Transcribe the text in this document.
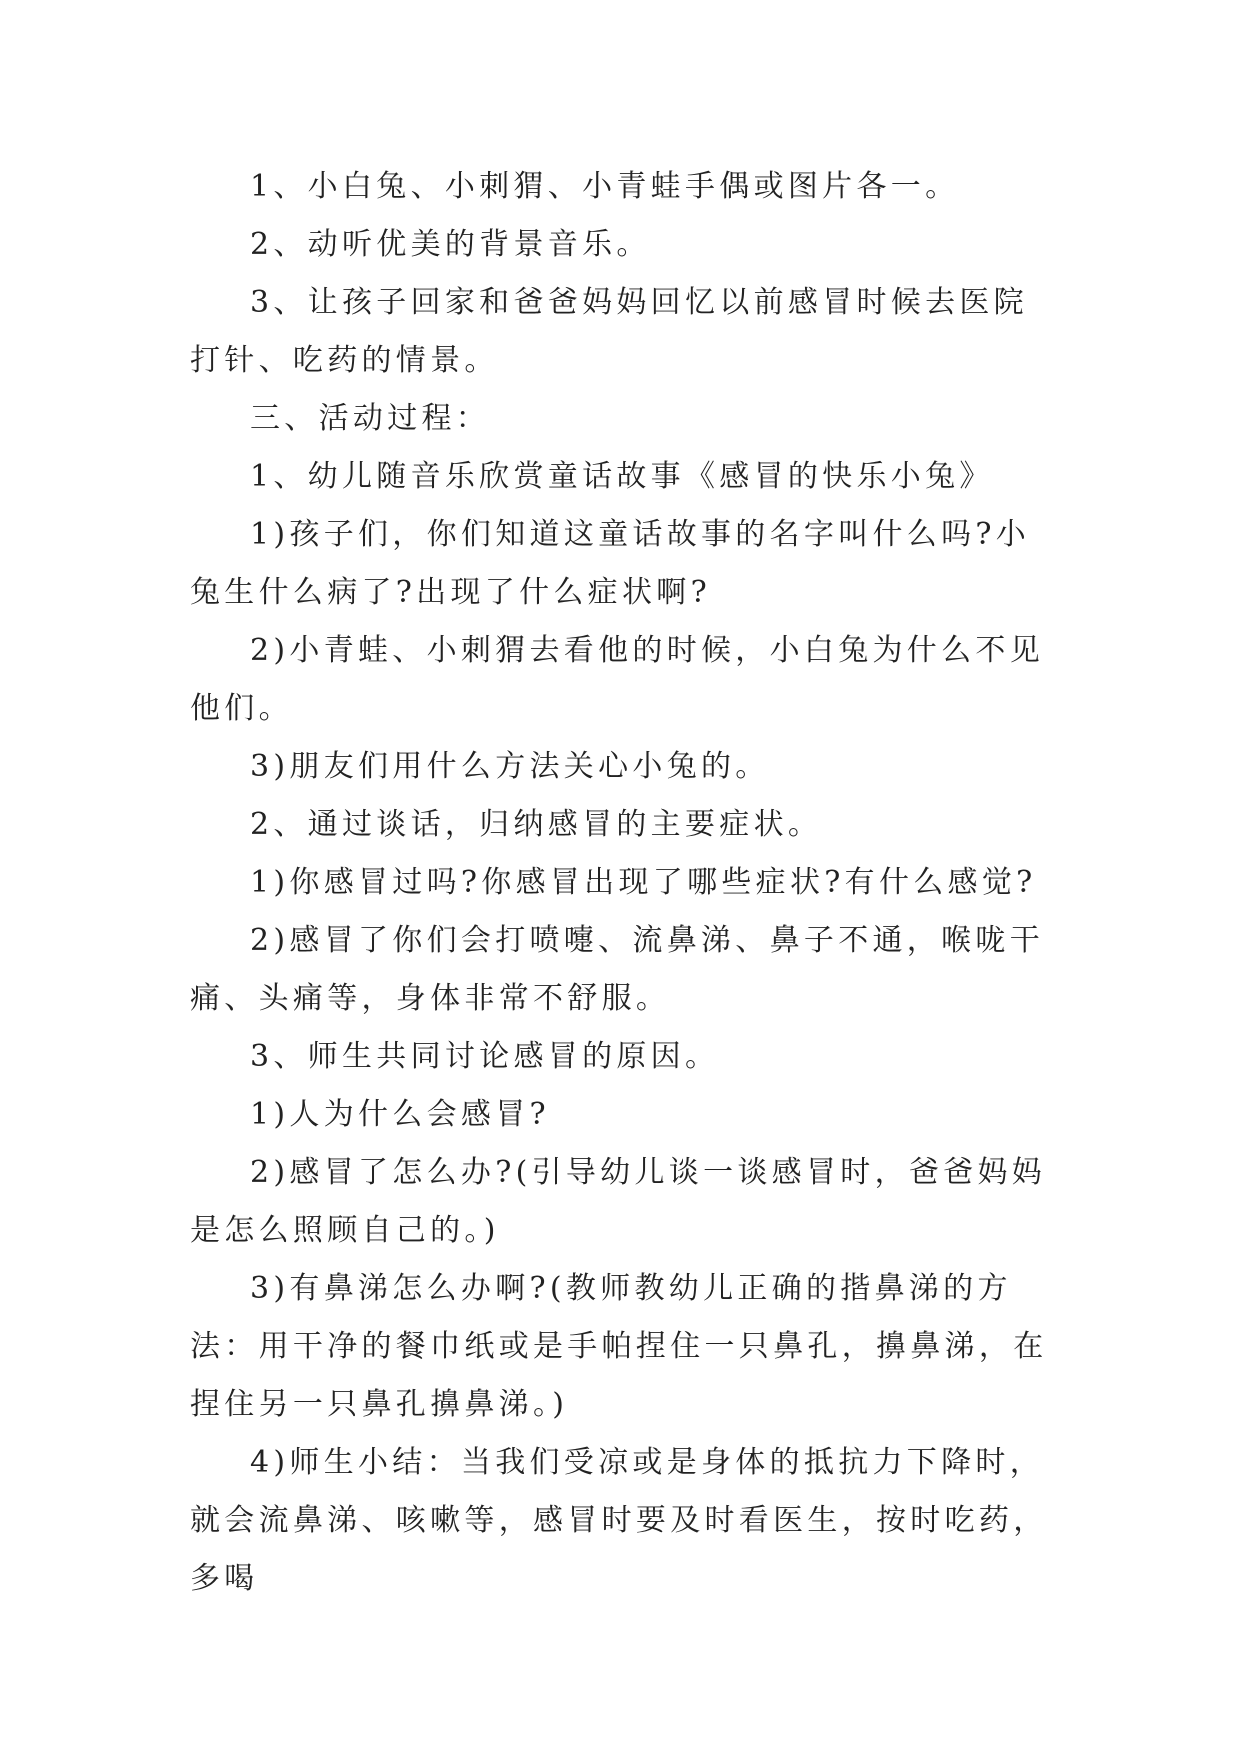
1、小白兔、小刺猬、小青蛙手偶或图片各一。

2、动听优美的背景音乐。

3、让孩子回家和爸爸妈妈回忆以前感冒时候去医院打针、吃药的情景。

三、活动过程：

1、幼儿随音乐欣赏童话故事《感冒的快乐小兔》

1)孩子们，你们知道这童话故事的名字叫什么吗?小兔生什么病了?出现了什么症状啊?

2)小青蛙、小刺猬去看他的时候，小白兔为什么不见他们。

3)朋友们用什么方法关心小兔的。

2、通过谈话，归纳感冒的主要症状。

1)你感冒过吗?你感冒出现了哪些症状?有什么感觉?

2)感冒了你们会打喷嚏、流鼻涕、鼻子不通，喉咙干痛、头痛等，身体非常不舒服。

3、师生共同讨论感冒的原因。

1)人为什么会感冒?

2)感冒了怎么办?(引导幼儿谈一谈感冒时，爸爸妈妈是怎么照顾自己的。)

3)有鼻涕怎么办啊?(教师教幼儿正确的揩鼻涕的方法：用干净的餐巾纸或是手帕捏住一只鼻孔，擤鼻涕，在捏住另一只鼻孔擤鼻涕。)

4)师生小结：当我们受凉或是身体的抵抗力下降时，就会流鼻涕、咳嗽等，感冒时要及时看医生，按时吃药，多喝
